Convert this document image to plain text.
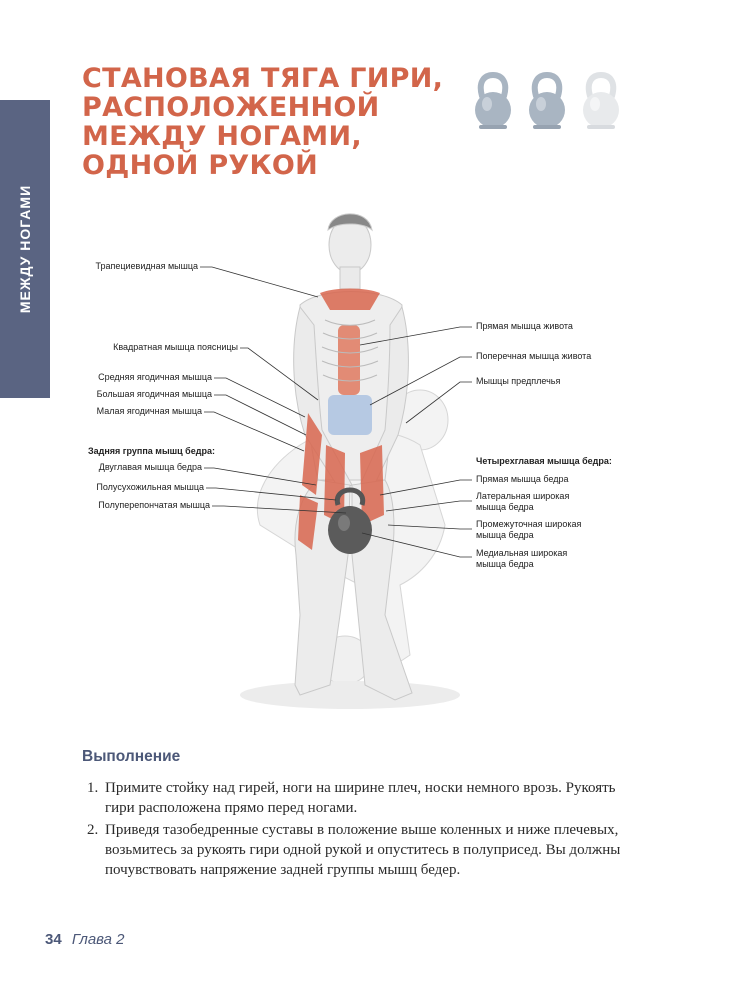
МЕЖДУ НОГАМИ
СТАНОВАЯ ТЯГА ГИРИ,
РАСПОЛОЖЕННОЙ
МЕЖДУ НОГАМИ,
ОДНОЙ РУКОЙ
Трапециевидная мышца
Квадратная мышца поясницы
Средняя ягодичная мышца
Большая ягодичная мышца
Малая ягодичная мышца
Задняя группа мышц бедра:
Двуглавая мышца бедра
Полусухожильная мышца
Полуперепончатая мышца
Прямая мышца живота
Поперечная мышца живота
Мышцы предплечья
Четырехглавая мышца бедра:
Прямая мышца бедра
Латеральная широкая
мышца бедра
Промежуточная широкая
мышца бедра
Медиальная широкая
мышца бедра
Выполнение
1. Примите стойку над гирей, ноги на ширине плеч, носки немного врозь. Рукоять гири расположена прямо перед ногами.
2. Приведя тазобедренные суставы в положение выше коленных и ниже плечевых, возьмитесь за рукоять гири одной рукой и опуститесь в полуприсед. Вы должны почувствовать напряжение задней группы мышц бедер.
34 Глава 2
